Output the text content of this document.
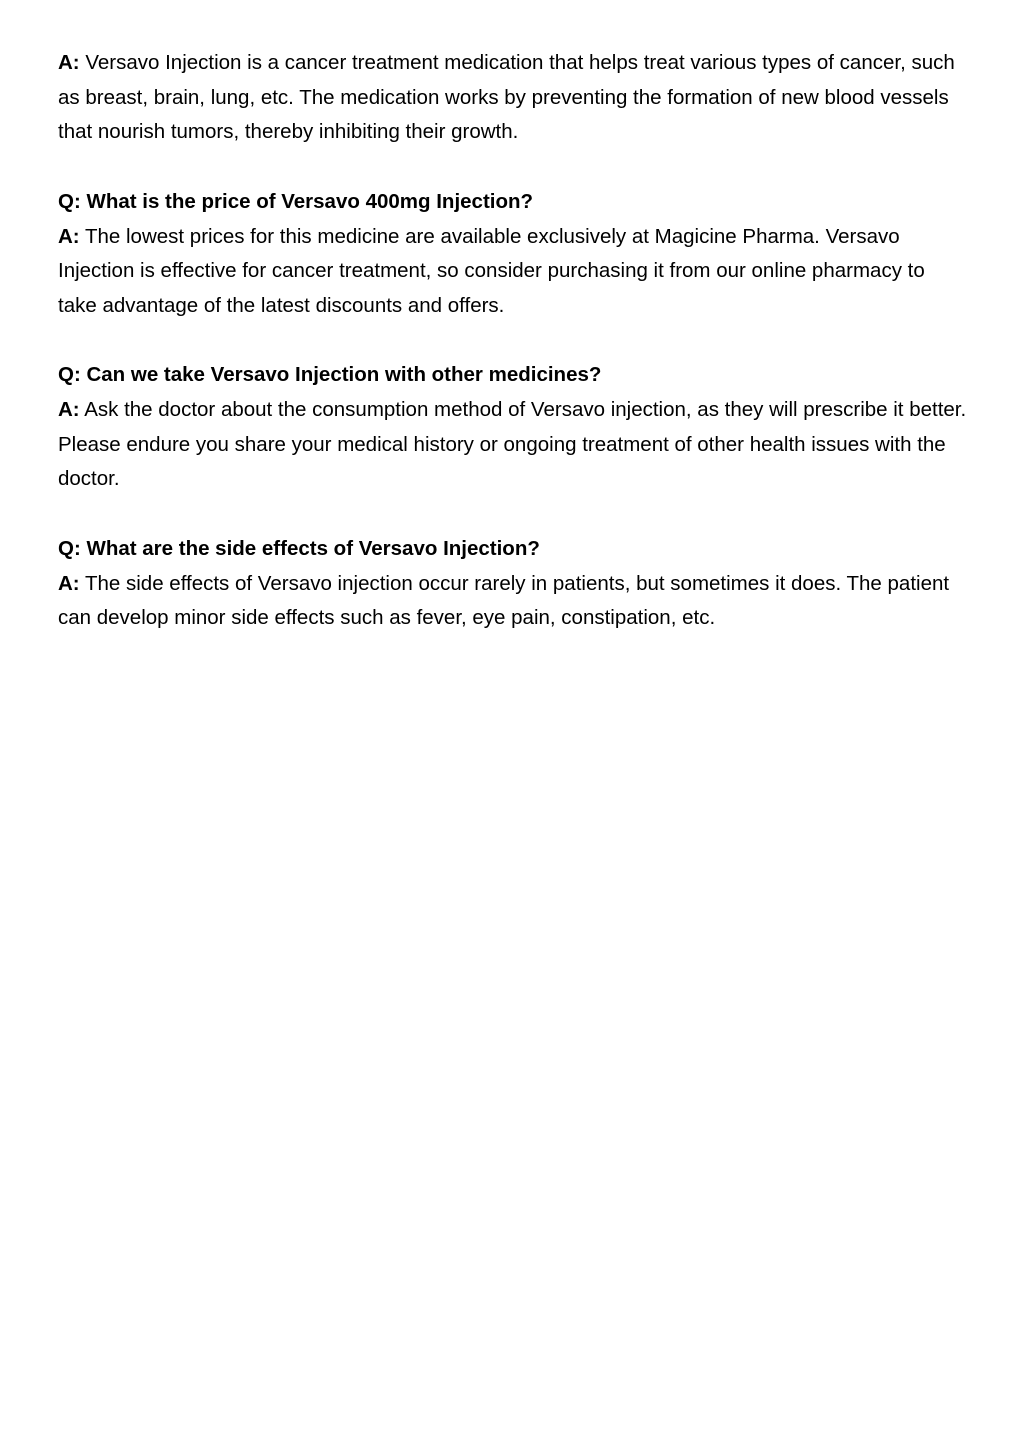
A: Versavo Injection is a cancer treatment medication that helps treat various types of cancer, such as breast, brain, lung, etc. The medication works by preventing the formation of new blood vessels that nourish tumors, thereby inhibiting their growth.

Q: What is the price of Versavo 400mg Injection?

A: The lowest prices for this medicine are available exclusively at Magicine Pharma. Versavo Injection is effective for cancer treatment, so consider purchasing it from our online pharmacy to take advantage of the latest discounts and offers.

Q: Can we take Versavo Injection with other medicines?

A: Ask the doctor about the consumption method of Versavo injection, as they will prescribe it better. Please endure you share your medical history or ongoing treatment of other health issues with the doctor.

Q: What are the side effects of Versavo Injection?

A: The side effects of Versavo injection occur rarely in patients, but sometimes it does. The patient can develop minor side effects such as fever, eye pain, constipation, etc.
